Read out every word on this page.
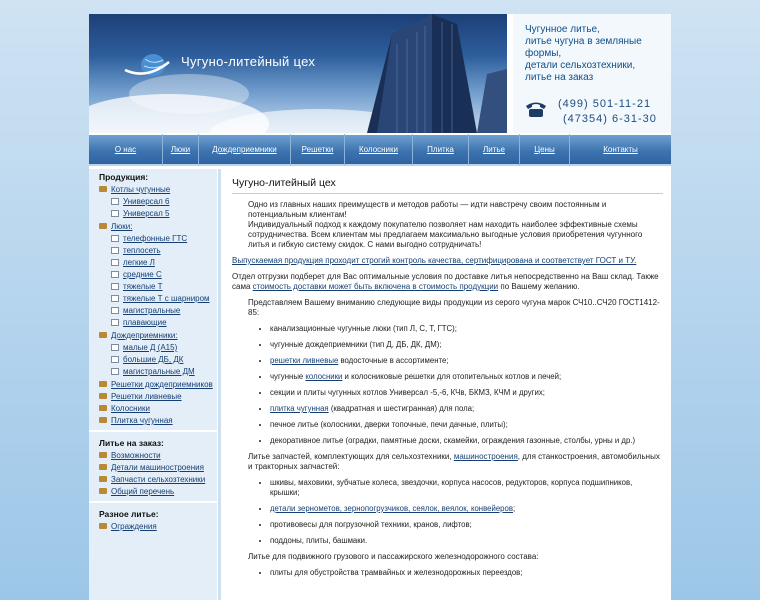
Чугуно-литейный цех
Чугунное литье,
литье чугуна в земляные
формы,
детали сельхозтехники,
литье на заказ
(499) 501-11-21
(47354) 6-31-30
О нас	Люки	Дождеприемники	Решетки	Колосники	Плитка	Литье	Цены	Контакты
Продукция:
Котлы чугунные
Универсал 6
Универсал 5
Люки:
телефонные ГТС
теплосеть
легкие Л
средние С
тяжелые Т
тяжелые Т с шарниром
магистральные
плавающие
Дождеприемники:
малые Д (А15)
большие ДБ, ДК
магистральные ДМ
Решетки дождеприемников
Решетки ливневые
Колосники
Плитка чугунная
Литье на заказ:
Возможности
Детали машиностроения
Запчасти сельхозтехники
Общий перечень
Разное литье:
Ограждения
Чугуно-литейный цех
Одно из главных наших преимуществ и методов работы — идти навстречу своим постоянным и потенциальным клиентам!
Индивидуальный подход к каждому покупателю позволяет нам находить наиболее эффективные схемы сотрудничества. Всем клиентам мы предлагаем максимально выгодные условия приобретения чугунного литья и гибкую систему скидок. С нами выгодно сотрудничать!
Выпускаемая продукция проходит строгий контроль качества, сертифицирована и соответствует ГОСТ и ТУ.
Отдел отгрузки подберет для Вас оптимальные условия по доставке литья непосредственно на Ваш склад. Также сама стоимость доставки может быть включена в стоимость продукции по Вашему желанию.
Представляем Вашему вниманию следующие виды продукции из серого чугуна марок СЧ10..СЧ20 ГОСТ1412-85:
• канализационные чугунные люки (тип Л, С, Т, ГТС);
• чугунные дождеприемники (тип Д, ДБ, ДК, ДМ);
• решетки ливневые водосточные в ассортименте;
• чугунные колосники и колосниковые решетки для отопительных котлов и печей;
• секции и плиты чугунных котлов Универсал -5,-6, КЧв, БКМЗ, КЧМ и других;
• плитка чугунная (квадратная и шестигранная) для пола;
• печное литье (колосники, дверки топочные, печи дачные, плиты);
• декоративное литье (оградки, памятные доски, скамейки, ограждения газонные, столбы, урны и др.)
Литье запчастей, комплектующих для сельхозтехники, машиностроения, для станкостроения, автомобильных и тракторных запчастей:
• шкивы, маховики, зубчатые колеса, звездочки, корпуса насосов, редукторов, корпуса подшипников, крышки;
• детали зернометов, зернопогрузчиков, сеялок, веялок, конвейеров;
• противовесы для погрузочной техники, кранов, лифтов;
• поддоны, плиты, башмаки.
Литье для подвижного грузового и пассажирского железнодорожного состава:
• плиты для обустройства трамвайных и железнодорожных переездов;
